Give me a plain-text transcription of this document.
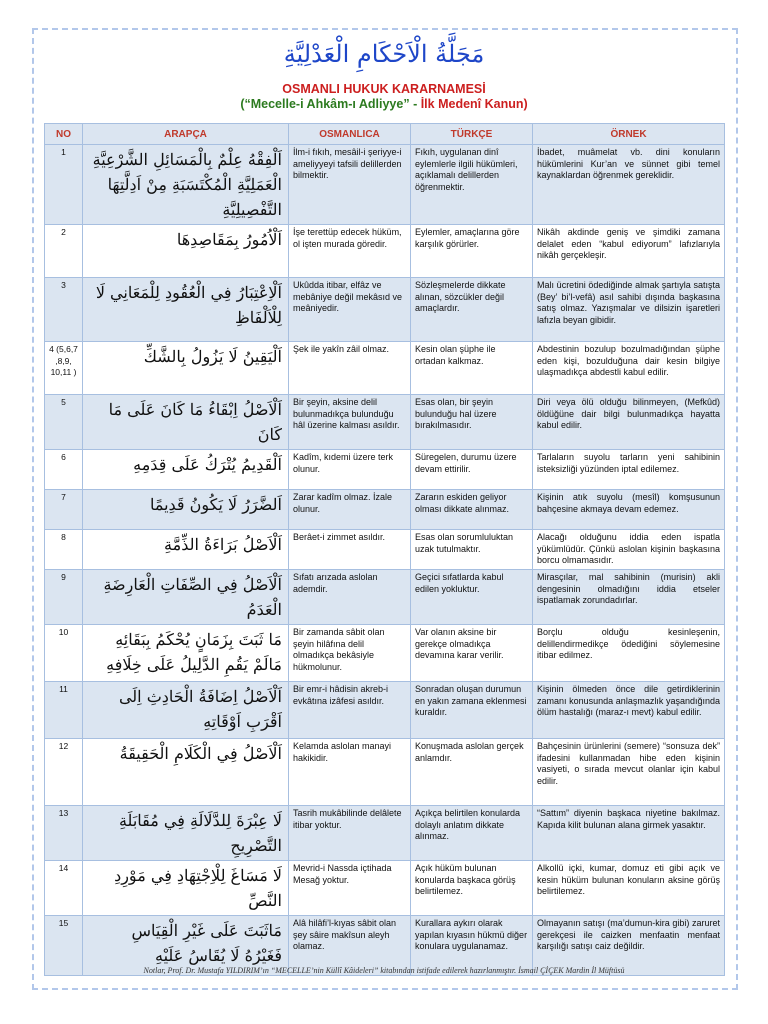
مَجَلَّةُ الْاَحْكَامِ الْعَدْلِيَّةِ
OSMANLI HUKUK KARARNAMESİ
(“Mecelle-i Ahkâm-ı Adliyye” - İlk Medenî Kanun)
NO	ARAPÇA	OSMANLICA	TÜRKÇE	ÖRNEK
1	اَلْفِقْهُ عِلْمٌ بِالْمَسَائِلِ الشَّرْعِيَّةِ الْعَمَلِيَّةِ الْمُكْتَسَبَةِ مِنْ اَدِلَّتِهَا التَّفْصِيلِيَّةِ	İlm-i fıkıh, mesâil-i şeriyye-i ameliyyeyi tafsili delillerden bilmektir.	Fıkıh, uygulanan dinî eylemlerle ilgili hükümleri, açıklamalı delillerden öğrenmektir.	İbadet, muâmelat vb. dini konuların hükümlerini Kur’an ve sünnet gibi temel kaynaklardan öğrenmek gereklidir.
2	اَلْاُمُورُ بِمَقَاصِدِهَا	İşe terettüp edecek hüküm, ol işten murada göredir.	Eylemler, amaçlarına göre karşılık görürler.	Nikâh akdinde geniş ve şimdiki zamana delalet eden “kabul ediyorum” lafızlarıyla nikâh gerçekleşir.
3	اَلْاِعْتِبَارُ فِي الْعُقُودِ لِلْمَعَانِي لَا لِلْاَلْفَاظِ	Ukûdda itibar, elfâz ve mebâniye değil mekâsıd ve meâniyedir.	Sözleşmelerde dikkate alınan, sözcükler değil amaçlardır.	Malı ücretini ödediğinde almak şartıyla satışta (Bey’ bi’l-vefâ) asıl sahibi dışında başkasına satış olmaz. Yazışmalar ve dilsizin işaretleri lafızla beyan gibidir.
4 (5,6,7 ,8,9, 10,11 )	اَلْيَقِينُ لَا يَزُولُ بِالشَّكِّ	Şek ile yakîn zâil olmaz.	Kesin olan şüphe ile ortadan kalkmaz.	Abdestinin bozulup bozulmadığından şüphe eden kişi, bozulduğuna dair kesin bilgiye ulaşmadıkça abdestli kabul edilir.
5	اَلْاَصْلُ اِبْقَاءُ مَا كَانَ عَلَى مَا كَانَ	Bir şeyin, aksine delil bulunmadıkça bulunduğu hâl üzerine kalması asıldır.	Esas olan, bir şeyin bulunduğu hal üzere bırakılmasıdır.	Diri veya ölü olduğu bilinmeyen, (Mefkûd) öldüğüne dair bilgi bulunmadıkça hayatta kabul edilir.
6	اَلْقَدِيمُ يُتْرَكُ عَلَى قِدَمِهِ	Kadîm, kıdemi üzere terk olunur.	Süregelen, durumu üzere devam ettirilir.	Tarlaların suyolu tarların yeni sahibinin isteksizliği yüzünden iptal edilemez.
7	اَلضَّرَرُ لَا يَكُونُ قَدِيمًا	Zarar kadîm olmaz. İzale olunur.	Zararın eskiden geliyor olması dikkate alınmaz.	Kişinin atık suyolu (mesîl) komşusunun bahçesine akmaya devam edemez.
8	اَلْاَصْلُ بَرَاءَةُ الذِّمَّةِ	Berâet-i zimmet asıldır.	Esas olan sorumluluktan uzak tutulmaktır.	Alacağı olduğunu iddia eden ispatla yükümlüdür. Çünkü aslolan kişinin başkasına borcu olmamasıdır.
9	اَلْاَصْلُ فِي الصِّفَاتِ الْعَارِضَةِ الْعَدَمُ	Sıfatı arızada aslolan ademdir.	Geçici sıfatlarda kabul edilen yokluktur.	Mirasçılar, mal sahibinin (murisin) akli dengesinin olmadığını iddia etseler ispatlamak zorundadırlar.
10	مَا ثَبَتَ بِزَمَانٍ يُحْكَمُ بِبَقَائِهِ مَالَمْ يَقُمِ الدَّلِيلُ عَلَى خِلَافِهِ	Bir zamanda sâbit olan şeyin hilâfına delil olmadıkça bekâsiyle hükmolunur.	Var olanın aksine bir gerekçe olmadıkça devamına karar verilir.	Borçlu olduğu kesinleşenin, delillendirmedikçe ödediğini söylemesine itibar edilmez.
11	اَلْاَصْلُ اِضَافَةُ الْحَادِثِ اِلَى اَقْرَبِ اَوْقَاتِهِ	Bir emr-i hâdisin akreb-i evkâtına izâfesi asıldır.	Sonradan oluşan durumun en yakın zamana eklenmesi kuraldır.	Kişinin ölmeden önce dile getirdiklerinin zamanı konusunda anlaşmazlık yaşandığında ölüm hastalığı (maraz-ı mevt) kabul edilir.
12	اَلْاَصْلُ فِي الْكَلَامِ الْحَقِيقَةُ	Kelamda aslolan manayi hakikidir.	Konuşmada aslolan gerçek anlamdır.	Bahçesinin ürünlerini (semere) “sonsuza dek” ifadesini kullanmadan hibe eden kişinin vasiyeti, o sırada mevcut olanlar için kabul edilir.
13	لَا عِبْرَةَ لِلدَّلَالَةِ فِي مُقَابَلَةِ التَّصْرِيحِ	Tasrih mukâbilinde delâlete itibar yoktur.	Açıkça belirtilen konularda dolaylı anlatım dikkate alınmaz.	“Sattım” diyenin başkaca niyetine bakılmaz. Kapıda kilit bulunan alana girmek yasaktır.
14	لَا مَسَاغَ لِلْاِجْتِهَادِ فِي مَوْرِدِ النَّصِّ	Mevrid-i Nassda içtihada Mesağ yoktur.	Açık hüküm bulunan konularda başkaca görüş belirtilemez.	Alkollü içki, kumar, domuz eti gibi açık ve kesin hüküm bulunan konuların aksine görüş belirtilemez.
15	مَاثَبَتَ عَلَى غَيْرِ الْقِيَاسِ فَغَيْرُهُ لَا يُقَاسُ عَلَيْهِ	Alâ hilâfi’l-kıyas sâbit olan şey sâire makîsun aleyh olamaz.	Kurallara aykırı olarak yapılan kıyasın hükmü diğer konulara uygulanamaz.	Olmayanın satışı (ma’dumun-kira gibi) zaruret gerekçesi ile caizken menfaatin menfaat karşılığı satışı caiz değildir.
Notlar, Prof. Dr. Mustafa YILDIRIM’ın “MECELLE’nin Küllî Kâideleri” kitabından istifade edilerek hazırlanmıştır. İsmail ÇİÇEK Mardin İl Müftüsü
